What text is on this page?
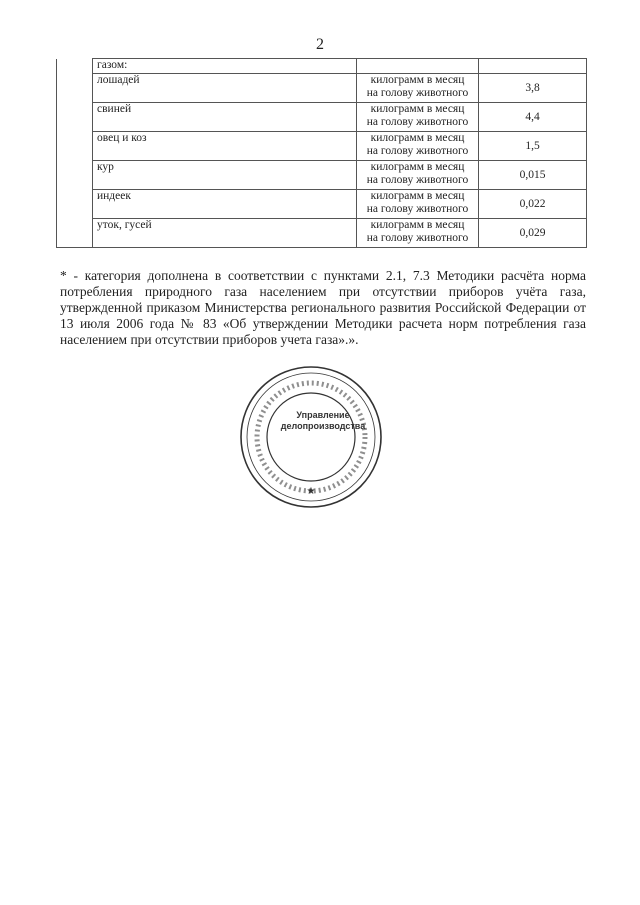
2
	газом:		
	лошадей	килограмм в месяц
на голову животного	3,8
	свиней	килограмм в месяц
на голову животного	4,4
	овец и коз	килограмм в месяц
на голову животного	1,5
	кур	килограмм в месяц
на голову животного	0,015
	индеек	килограмм в месяц
на голову животного	0,022
	уток, гусей	килограмм в месяц
на голову животного	0,029
* - категория дополнена в соответствии с пунктами 2.1, 7.3 Методики расчёта норма потребления природного газа населением при отсутствии приборов учёта газа, утвержденной приказом Министерства регионального развития Российской Федерации от 13 июля 2006 года № 83 «Об утверждении Методики расчета норм потребления газа населением при отсутствии приборов учета газа».».
★
Управление
делопроизводства
